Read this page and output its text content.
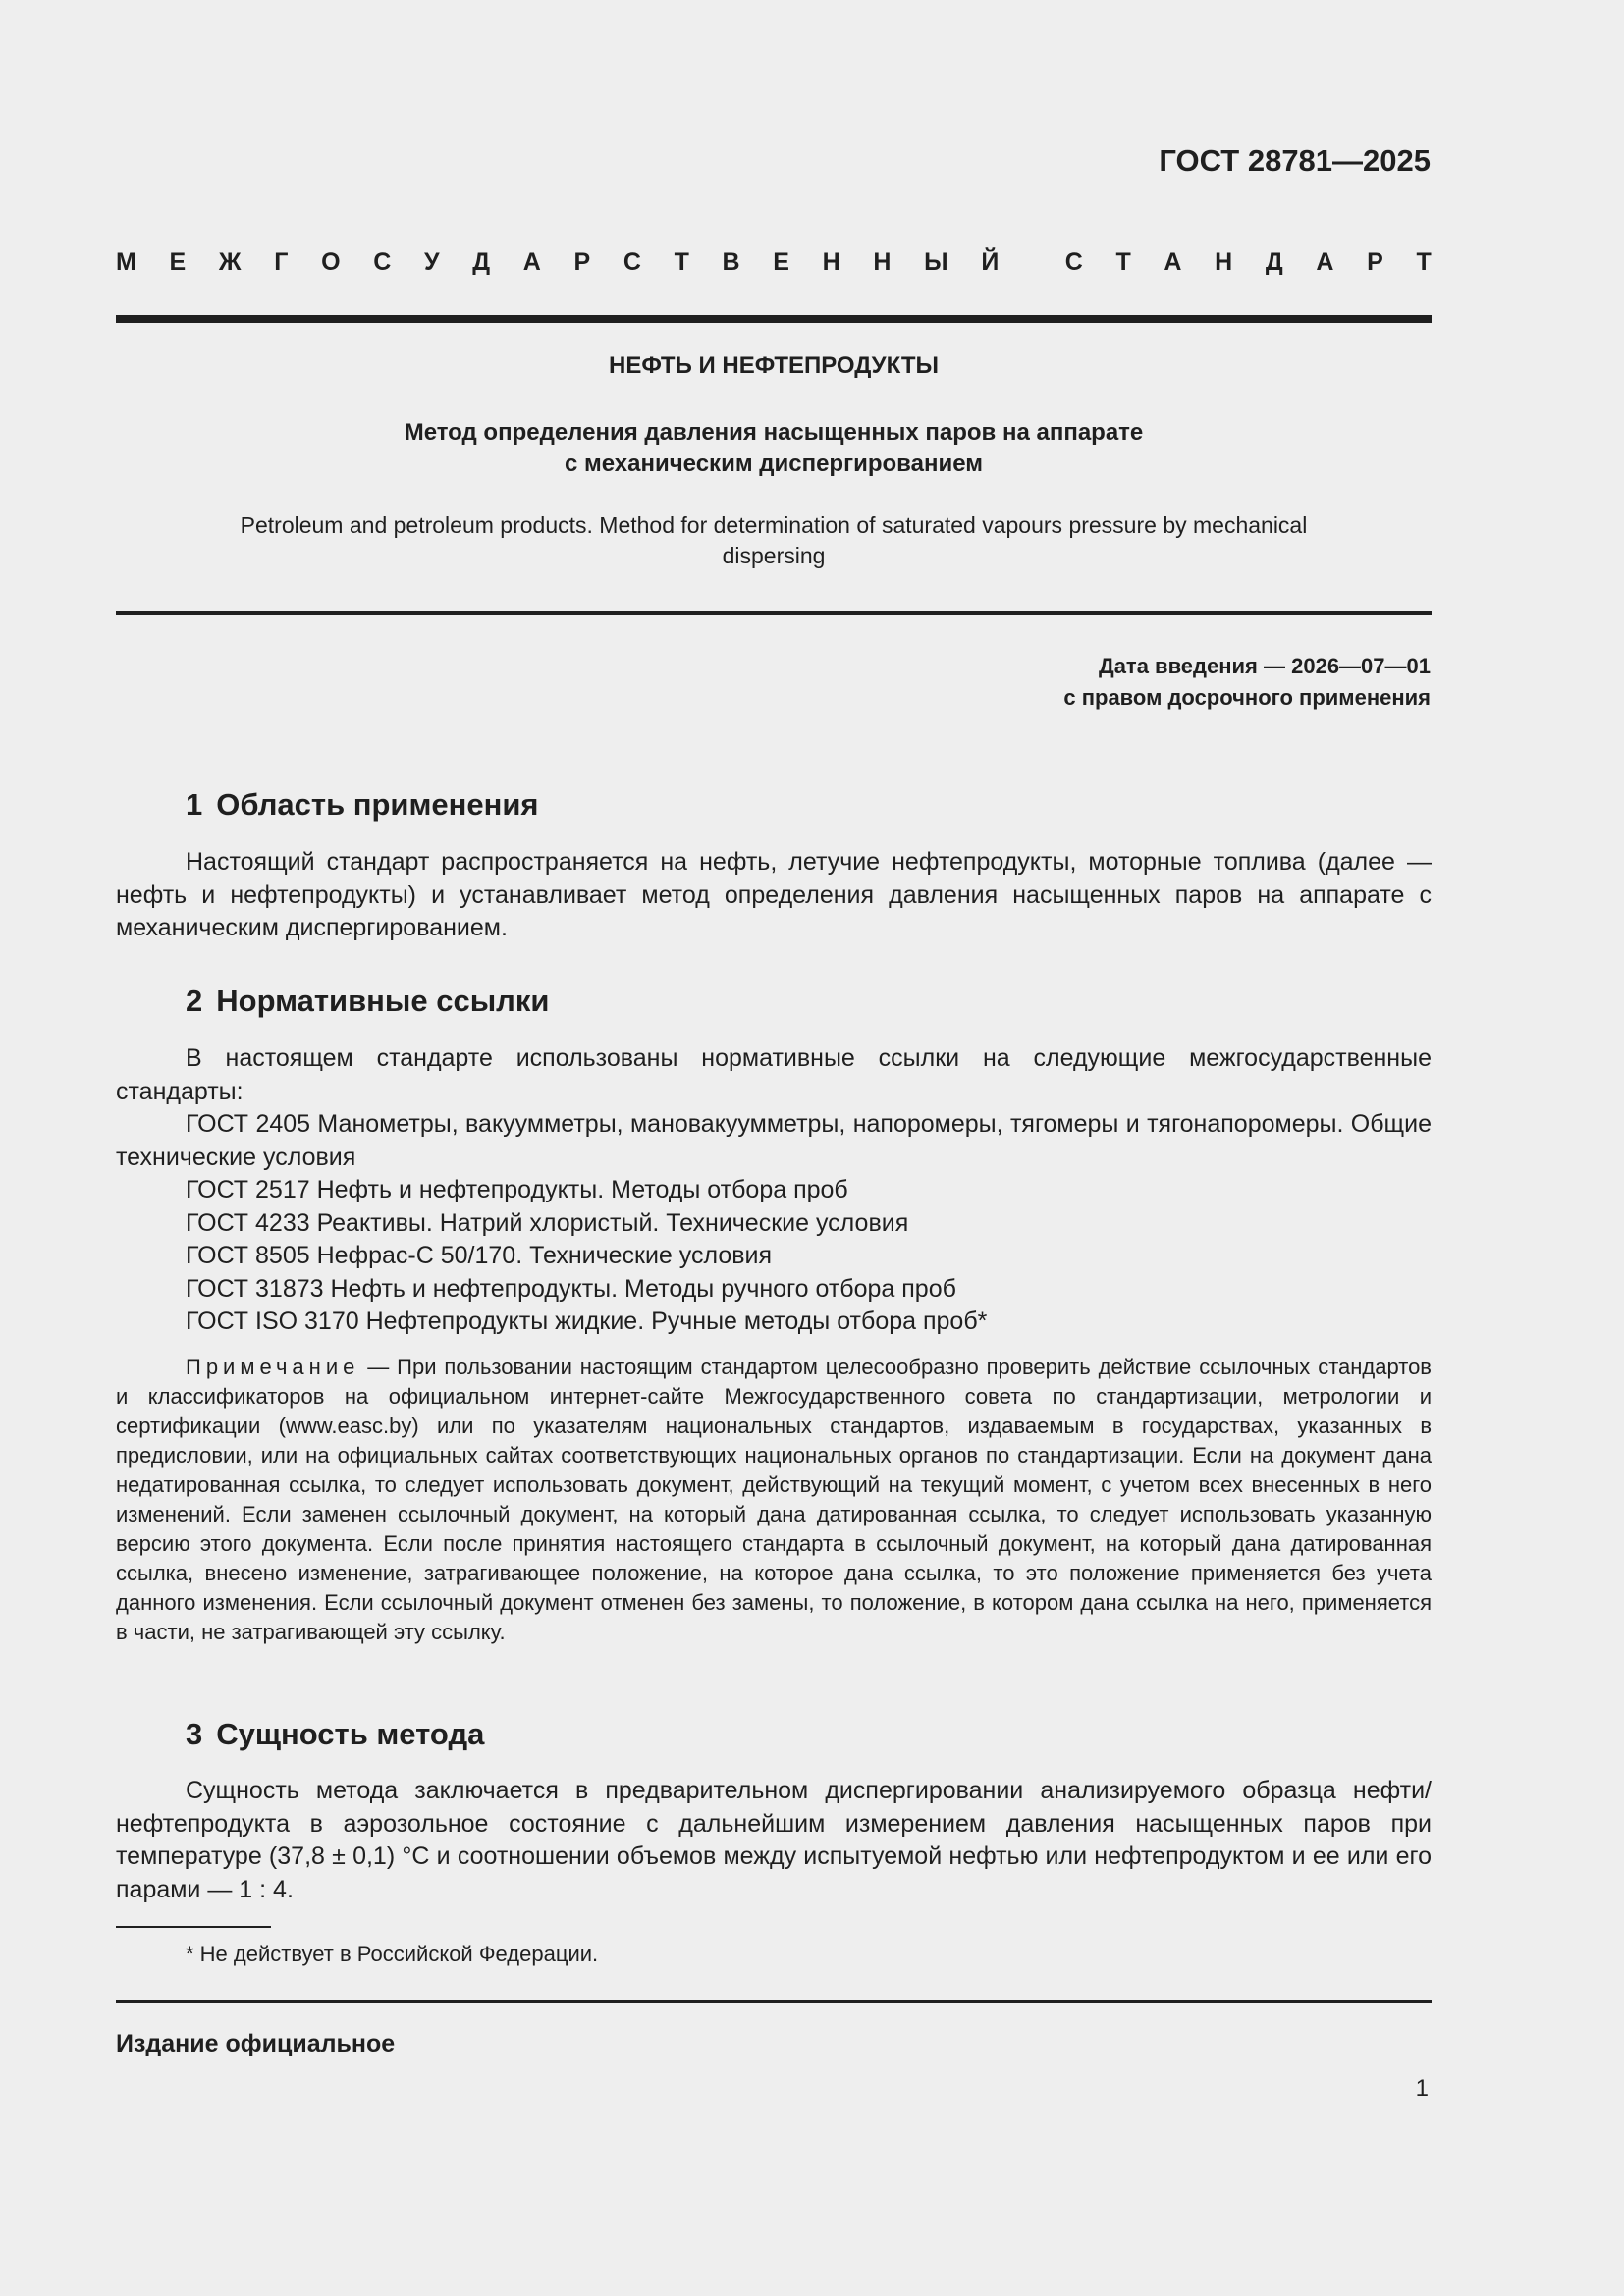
ГОСТ 28781—2025
М Е Ж Г О С У Д А Р С Т В Е Н Н Ы Й	С Т А Н Д А Р Т
НЕФТЬ И НЕФТЕПРОДУКТЫ
Метод определения давления насыщенных паров на аппарате
с механическим диспергированием
Petroleum and petroleum products. Method for determination of saturated vapours pressure by mechanical
dispersing
Дата введения — 2026—07—01
с правом досрочного применения
1 Область применения

Настоящий стандарт распространяется на нефть, летучие нефтепродукты, моторные топлива (далее — нефть и нефтепродукты) и устанавливает метод определения давления насыщенных паров на аппарате с механическим диспергированием.

2 Нормативные ссылки

В настоящем стандарте использованы нормативные ссылки на следующие межгосударственные стандарты:

ГОСТ 2405 Манометры, вакуумметры, мановакуумметры, напоромеры, тягомеры и тягонапоромеры. Общие технические условия

ГОСТ 2517 Нефть и нефтепродукты. Методы отбора проб

ГОСТ 4233 Реактивы. Натрий хлористый. Технические условия

ГОСТ 8505 Нефрас-С 50/170. Технические условия

ГОСТ 31873 Нефть и нефтепродукты. Методы ручного отбора проб

ГОСТ ISO 3170 Нефтепродукты жидкие. Ручные методы отбора проб*

Примечание — При пользовании настоящим стандартом целесообразно проверить действие ссылочных стандартов и классификаторов на официальном интернет-сайте Межгосударственного совета по стандартизации, метрологии и сертификации (www.easc.by) или по указателям национальных стандартов, издаваемым в государствах, указанных в предисловии, или на официальных сайтах соответствующих национальных органов по стандартизации. Если на документ дана недатированная ссылка, то следует использовать документ, действующий на текущий момент, с учетом всех внесенных в него изменений. Если заменен ссылочный документ, на который дана датированная ссылка, то следует использовать указанную версию этого документа. Если после принятия настоящего стандарта в ссылочный документ, на который дана датированная ссылка, внесено изменение, затрагивающее положение, на которое дана ссылка, то это положение применяется без учета данного изменения. Если ссылочный документ отменен без замены, то положение, в котором дана ссылка на него, применяется в части, не затрагивающей эту ссылку.

3 Сущность метода

Сущность метода заключается в предварительном диспергировании анализируемого образца нефти/нефтепродукта в аэрозольное состояние с дальнейшим измерением давления насыщенных паров при температуре (37,8 ± 0,1) °С и соотношении объемов между испытуемой нефтью или нефтепродуктом и ее или его парами — 1 : 4.

* Не действует в Российской Федерации.
Издание официальное
1
